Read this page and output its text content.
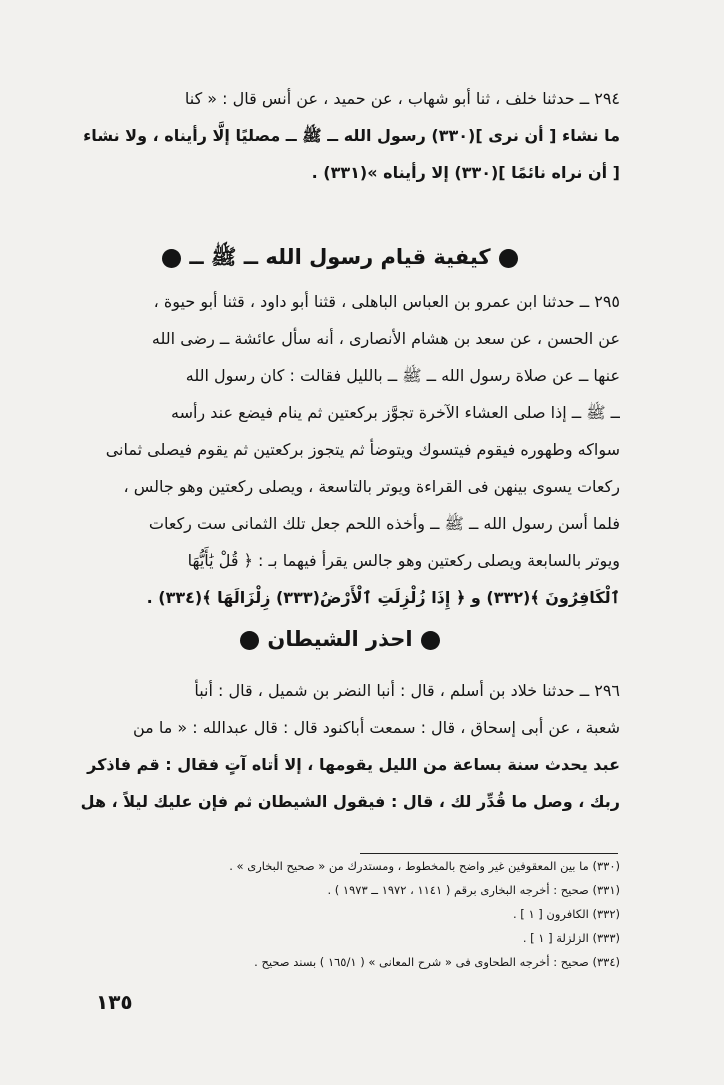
٢٩٤ ــ حدثنا خلف ، ثنا أبو شهاب ، عن حميد ، عن أنس قال : « كنا
ما نشاء [ أن نرى ](٣٣٠) رسول الله ــ ﷺ ــ مصليًا إلَّا رأيناه ، ولا نشاء
[ أن نراه نائمًا ](٣٣٠) إلا رأيناه »(٣٣١) .
كيفية قيام رسول الله ــ ﷺ ــ
٢٩٥ ــ حدثنا ابن عمرو بن العباس الباهلى ، قثنا أبو داود ، قثنا أبو حيوة ،
عن الحسن ، عن سعد بن هشام الأنصارى ، أنه سأل عائشة ــ رضى الله
عنها ــ عن صلاة رسول الله ــ ﷺ ــ بالليل فقالت : كان رسول الله
ــ ﷺ ــ إذا صلى العشاء الآخرة تجوَّز بركعتين ثم ينام فيضع عند رأسه
سواكه وطهوره فيقوم فيتسوك ويتوضأ ثم يتجوز بركعتين ثم يقوم فيصلى ثمانى
ركعات يسوى بينهن فى القراءة ويوتر بالتاسعة ، ويصلى ركعتين وهو جالس ،
فلما أسن رسول الله ــ ﷺ ــ وأخذه اللحم جعل تلك الثمانى ست ركعات
ويوتر بالسابعة ويصلى ركعتين وهو جالس يقرأ فيهما بـ : ﴿ قُلْ يَٰأَيُّهَا
ٱلْكَافِرُونَ ﴾(٣٣٢) و ﴿ إِذَا زُلْزِلَتِ ٱلْأَرْضُ(٣٣٣) زِلْزَالَهَا ﴾(٣٣٤) .
احذر الشيطان
٢٩٦ ــ حدثنا خلاد بن أسلم ، قال : أنبا النضر بن شميل ، قال : أنبأ
شعبة ، عن أبى إسحاق ، قال : سمعت أباكنود قال : قال عبدالله : « ما من
عبد يحدث سنة بساعة من الليل يقومها ، إلا أتاه آتٍ فقال : قم فاذكر
ربك ، وصل ما قُدِّر لك ، قال : فيقول الشيطان ثم فإن عليك ليلاً ، هل
(٣٣٠) ما بين المعقوفين غير واضح بالمخطوط ، ومستدرك من « صحيح البخارى » .
(٣٣١) صحيح : أخرجه البخارى برقم ( ١١٤١ ، ١٩٧٢ ــ ١٩٧٣ ) .
(٣٣٢) الكافرون [ ١ ] .
(٣٣٣) الزلزلة [ ١ ] .
(٣٣٤) صحيح : أخرجه الطحاوى فى « شرح المعانى » ( ١٦٥/١ ) بسند صحيح .
١٣٥
